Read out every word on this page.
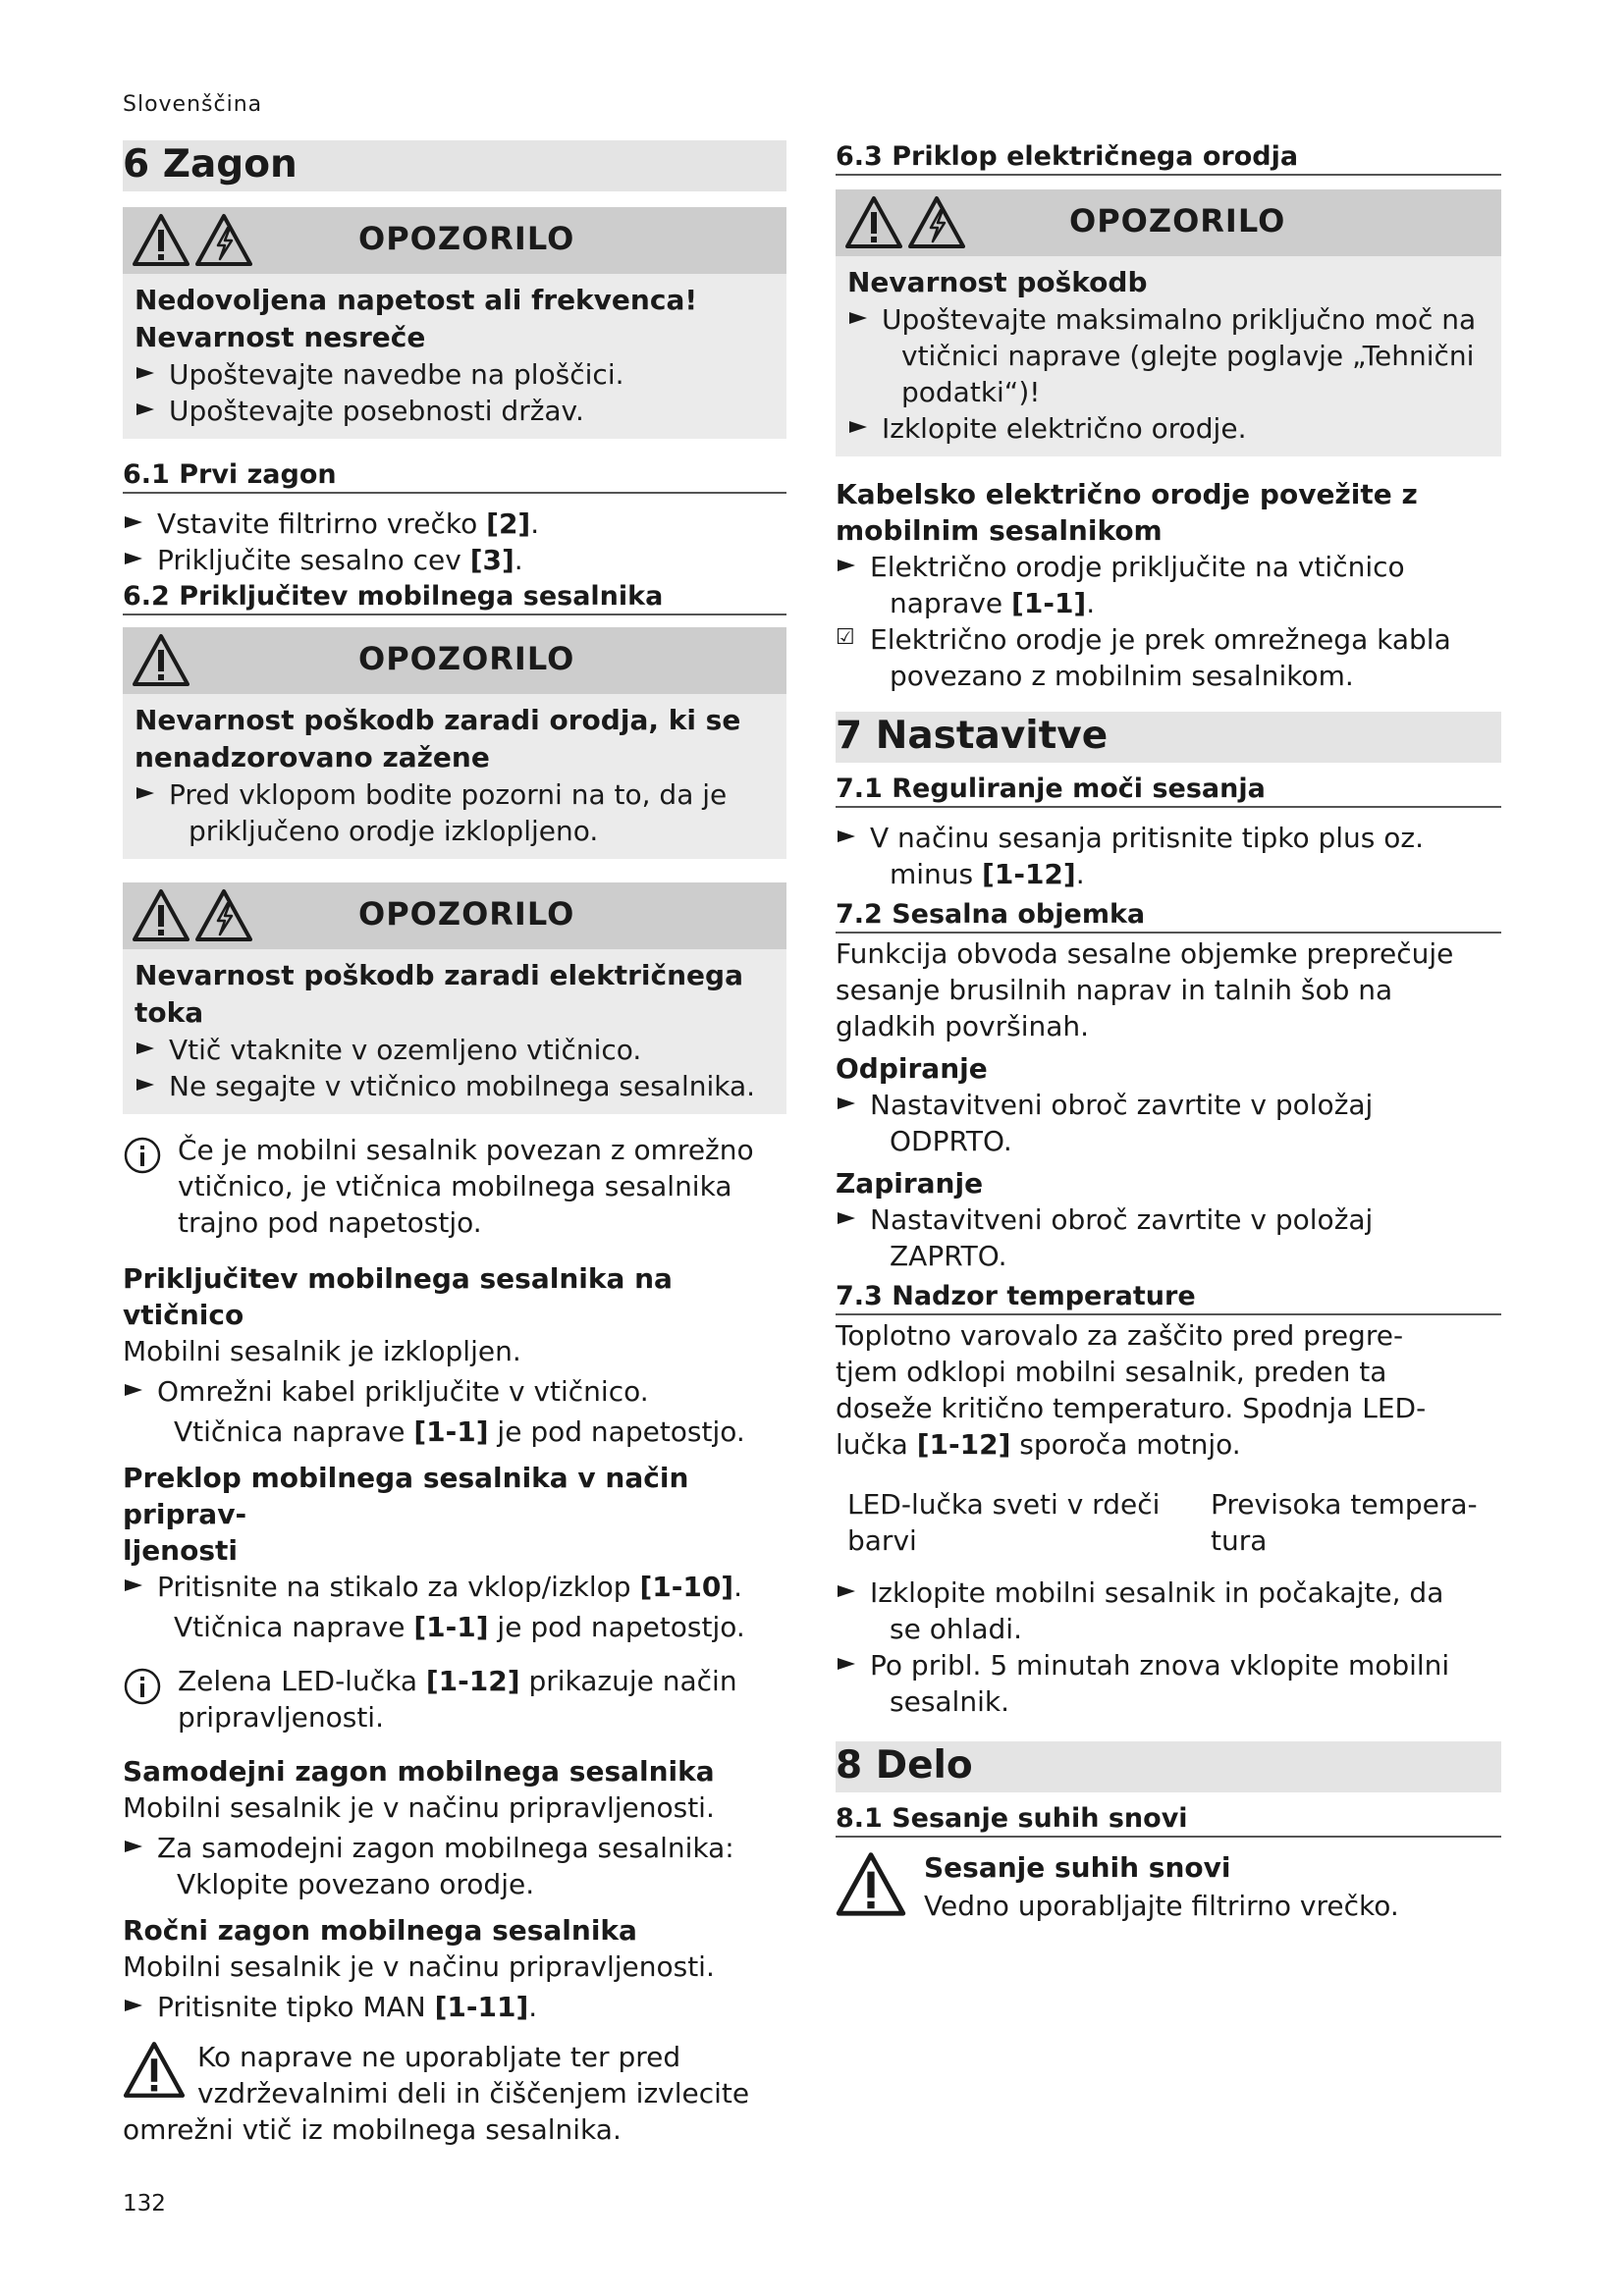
Slovenščina
6 Zagon
OPOZORILO
Nedovoljena napetost ali frekvenca!
Nevarnost nesreče
Upoštevajte navedbe na ploščici.
Upoštevajte posebnosti držav.
6.1 Prvi zagon
Vstavite filtrirno vrečko [2].
Priključite sesalno cev [3].
6.2 Priključitev mobilnega sesalnika
OPOZORILO
Nevarnost poškodb zaradi orodja, ki se
nenadzorovano zažene
Pred vklopom bodite pozorni na to, da je
priključeno orodje izklopljeno.
OPOZORILO
Nevarnost poškodb zaradi električnega toka
Vtič vtaknite v ozemljeno vtičnico.
Ne segajte v vtičnico mobilnega sesalnika.
Če je mobilni sesalnik povezan z omrežno
vtičnico, je vtičnica mobilnega sesalnika
trajno pod napetostjo.
Priključitev mobilnega sesalnika na vtičnico
Mobilni sesalnik je izklopljen.
Omrežni kabel priključite v vtičnico.
Vtičnica naprave [1-1] je pod napetostjo.
Preklop mobilnega sesalnika v način priprav-
ljenosti
Pritisnite na stikalo za vklop/izklop [1-10].
Vtičnica naprave [1-1] je pod napetostjo.
Zelena LED-lučka [1-12] prikazuje način
pripravljenosti.
Samodejni zagon mobilnega sesalnika
Mobilni sesalnik je v načinu pripravljenosti.
Za samodejni zagon mobilnega sesalnika:
Vklopite povezano orodje.
Ročni zagon mobilnega sesalnika
Mobilni sesalnik je v načinu pripravljenosti.
Pritisnite tipko MAN [1-11].
Ko naprave ne uporabljate ter pred
vzdrževalnimi deli in čiščenjem izvlecite
omrežni vtič iz mobilnega sesalnika.
6.3 Priklop električnega orodja
OPOZORILO
Nevarnost poškodb
Upoštevajte maksimalno priključno moč na
vtičnici naprave (glejte poglavje „Tehnični
podatki“)!
Izklopite električno orodje.
Kabelsko električno orodje povežite z
mobilnim sesalnikom
Električno orodje priključite na vtičnico
naprave [1-1].
☑ Električno orodje je prek omrežnega kabla
povezano z mobilnim sesalnikom.
7 Nastavitve
7.1 Reguliranje moči sesanja
V načinu sesanja pritisnite tipko plus oz.
minus [1-12].
7.2 Sesalna objemka
Funkcija obvoda sesalne objemke preprečuje
sesanje brusilnih naprav in talnih šob na
gladkih površinah.
Odpiranje
Nastavitveni obroč zavrtite v položaj
ODPRTO.
Zapiranje
Nastavitveni obroč zavrtite v položaj
ZAPRTO.
7.3 Nadzor temperature
Toplotno varovalo za zaščito pred pregre-
tjem odklopi mobilni sesalnik, preden ta
doseže kritično temperaturo. Spodnja LED-
lučka [1-12] sporoča motnjo.
LED-lučka sveti v rdeči
barvi
Previsoka tempera-
tura
Izklopite mobilni sesalnik in počakajte, da
se ohladi.
Po pribl. 5 minutah znova vklopite mobilni
sesalnik.
8 Delo
8.1 Sesanje suhih snovi
Sesanje suhih snovi
Vedno uporabljajte filtrirno vrečko.
132
